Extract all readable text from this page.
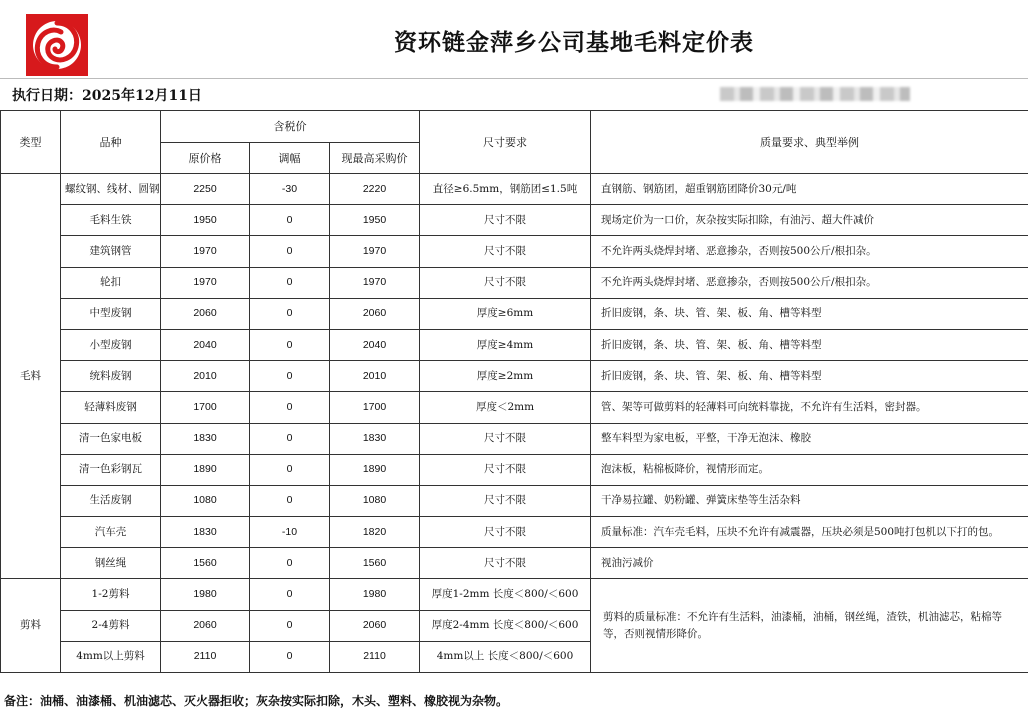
资环链金萍乡公司基地毛料定价表
执行日期：2025年12月11日
类型	品种	含税价			尺寸要求	质量要求、典型举例
		原价格	调幅	现最高采购价		
毛料	螺纹钢、线材、圆钢	2250	-30	2220	直径≥6.5mm，钢筋团≤1.5吨	直钢筋、钢筋团，超重钢筋团降价30元/吨
	毛料生铁	1950	0	1950	尺寸不限	现场定价为一口价，灰杂按实际扣除，有油污、超大件减价
	建筑钢管	1970	0	1970	尺寸不限	不允许两头烧焊封堵、恶意掺杂，否则按500公斤/根扣杂。
	轮扣	1970	0	1970	尺寸不限	不允许两头烧焊封堵、恶意掺杂，否则按500公斤/根扣杂。
	中型废钢	2060	0	2060	厚度≥6mm	折旧废钢，条、块、管、架、板、角、槽等料型
	小型废钢	2040	0	2040	厚度≥4mm	折旧废钢，条、块、管、架、板、角、槽等料型
	统料废钢	2010	0	2010	厚度≥2mm	折旧废钢，条、块、管、架、板、角、槽等料型
	轻薄料废钢	1700	0	1700	厚度＜2mm	管、架等可做剪料的轻薄料可向统料靠拢，不允许有生活料，密封器。
	清一色家电板	1830	0	1830	尺寸不限	整车料型为家电板，平整，干净无泡沫、橡胶
	清一色彩钢瓦	1890	0	1890	尺寸不限	泡沫板，粘棉板降价，视情形而定。
	生活废钢	1080	0	1080	尺寸不限	干净易拉罐、奶粉罐、弹簧床垫等生活杂料
	汽车壳	1830	-10	1820	尺寸不限	质量标准：汽车壳毛料，压块不允许有减震器，压块必须是500吨打包机以下打的包。
	钢丝绳	1560	0	1560	尺寸不限	视油污减价
剪料	1-2剪料	1980	0	1980	厚度1-2mm 长度＜800/＜600	剪料的质量标准：不允许有生活料，油漆桶，油桶，钢丝绳，渣铁，机油滤芯，粘棉等等，否则视情形降价。
	2-4剪料	2060	0	2060	厚度2-4mm 长度＜800/＜600	
	4mm以上剪料	2110	0	2110	4mm以上 长度＜800/＜600	
备注：油桶、油漆桶、机油滤芯、灭火器拒收；灰杂按实际扣除，木头、塑料、橡胶视为杂物。
